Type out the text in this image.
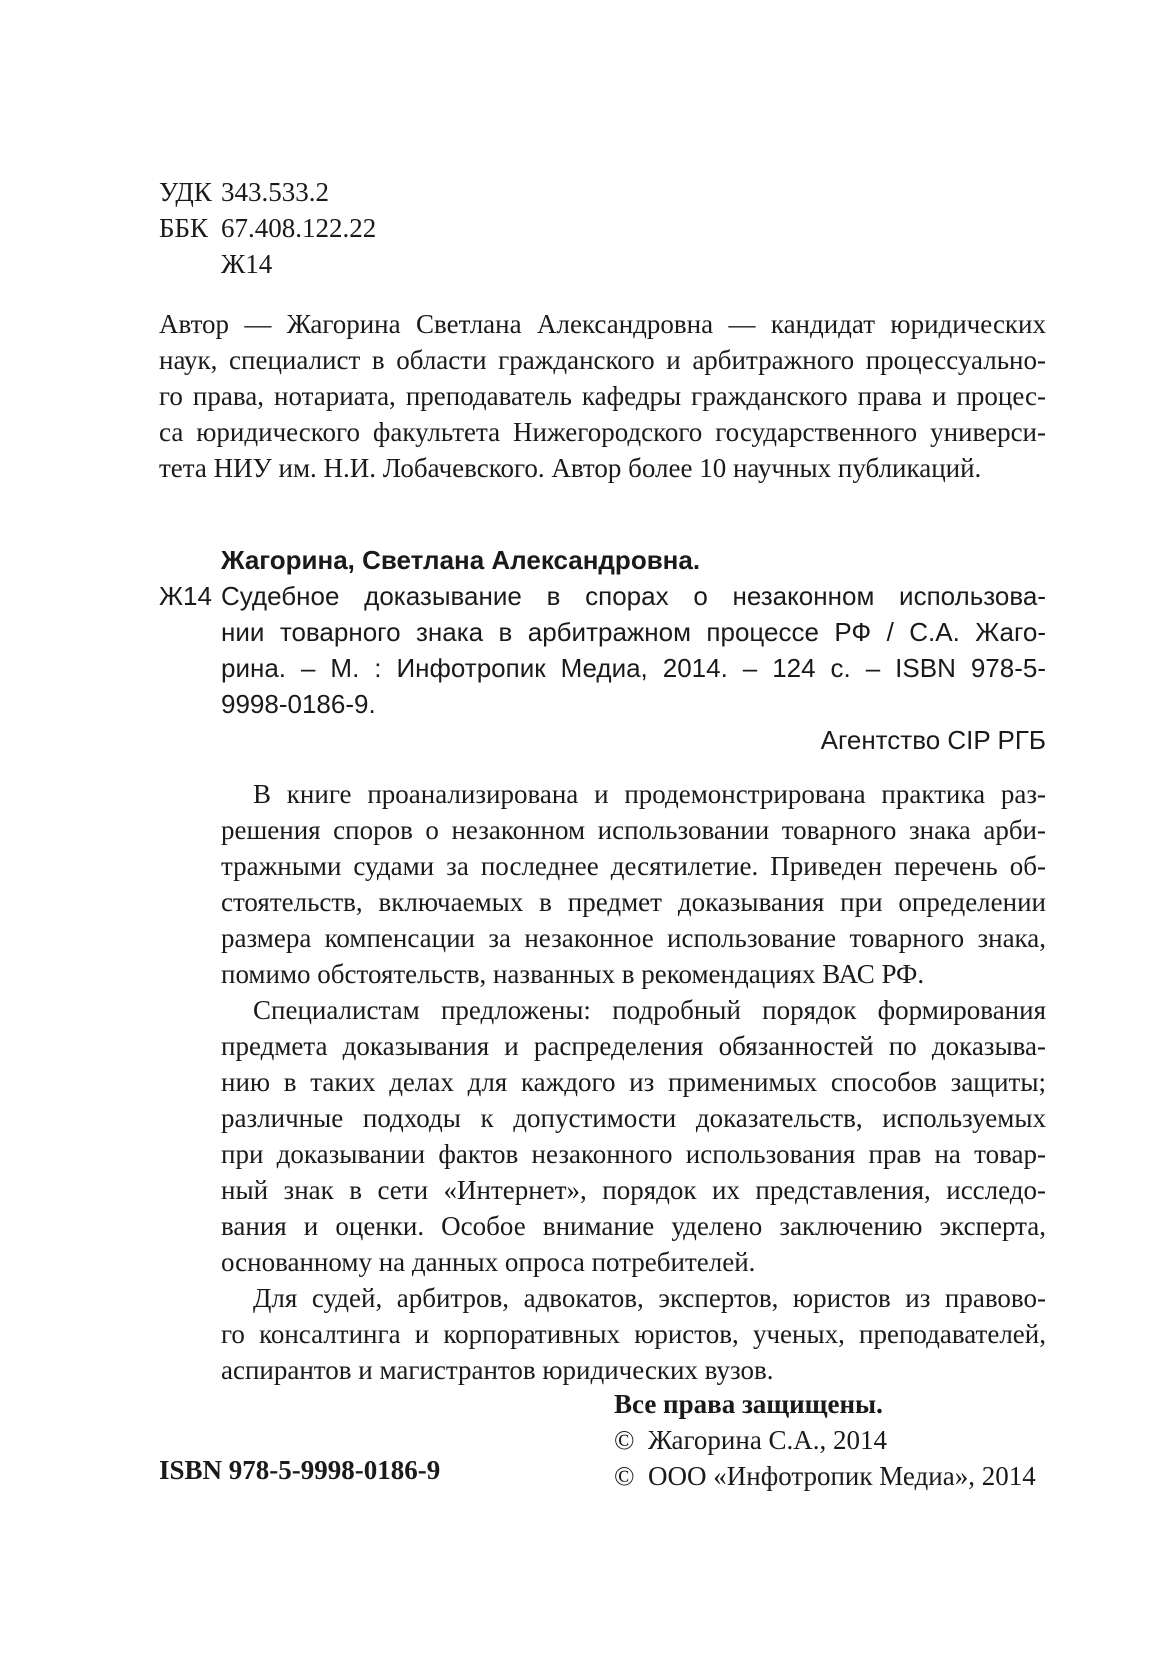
УДК 343.533.2
ББК 67.408.122.22
Ж14
Автор — Жагорина Светлана Александровна — кандидат юридических
наук, специалист в области гражданского и арбитражного процессуально-
го права, нотариата, преподаватель кафедры гражданского права и процес-
са юридического факультета Нижегородского государственного универси-
тета НИУ им. Н.И. Лобачевского. Автор более 10 научных публикаций.
Жагорина, Светлана Александровна.
Ж14 Судебное доказывание в спорах о незаконном использова-
нии товарного знака в арбитражном процессе РФ / С.А. Жаго-
рина. – М. : Инфотропик Медиа, 2014. – 124 с. – ISBN 978-5-
9998-0186-9.
Агентство CIP РГБ
В книге проанализирована и продемонстрирована практика раз-
решения споров о незаконном использовании товарного знака арби-
тражными судами за последнее десятилетие. Приведен перечень об-
стоятельств, включаемых в предмет доказывания при определении
размера компенсации за незаконное использование товарного знака,
помимо обстоятельств, названных в рекомендациях ВАС РФ.
Специалистам предложены: подробный порядок формирования
предмета доказывания и распределения обязанностей по доказыва-
нию в таких делах для каждого из применимых способов защиты;
различные подходы к допустимости доказательств, используемых
при доказывании фактов незаконного использования прав на товар-
ный знак в сети «Интернет», порядок их представления, исследо-
вания и оценки. Особое внимание уделено заключению эксперта,
основанному на данных опроса потребителей.
Для судей, арбитров, адвокатов, экспертов, юристов из правово-
го консалтинга и корпоративных юристов, ученых, преподавателей,
аспирантов и магистрантов юридических вузов.
Все права защищены.
©  Жагорина С.А., 2014
©  ООО «Инфотропик Медиа», 2014
ISBN 978-5-9998-0186-9
